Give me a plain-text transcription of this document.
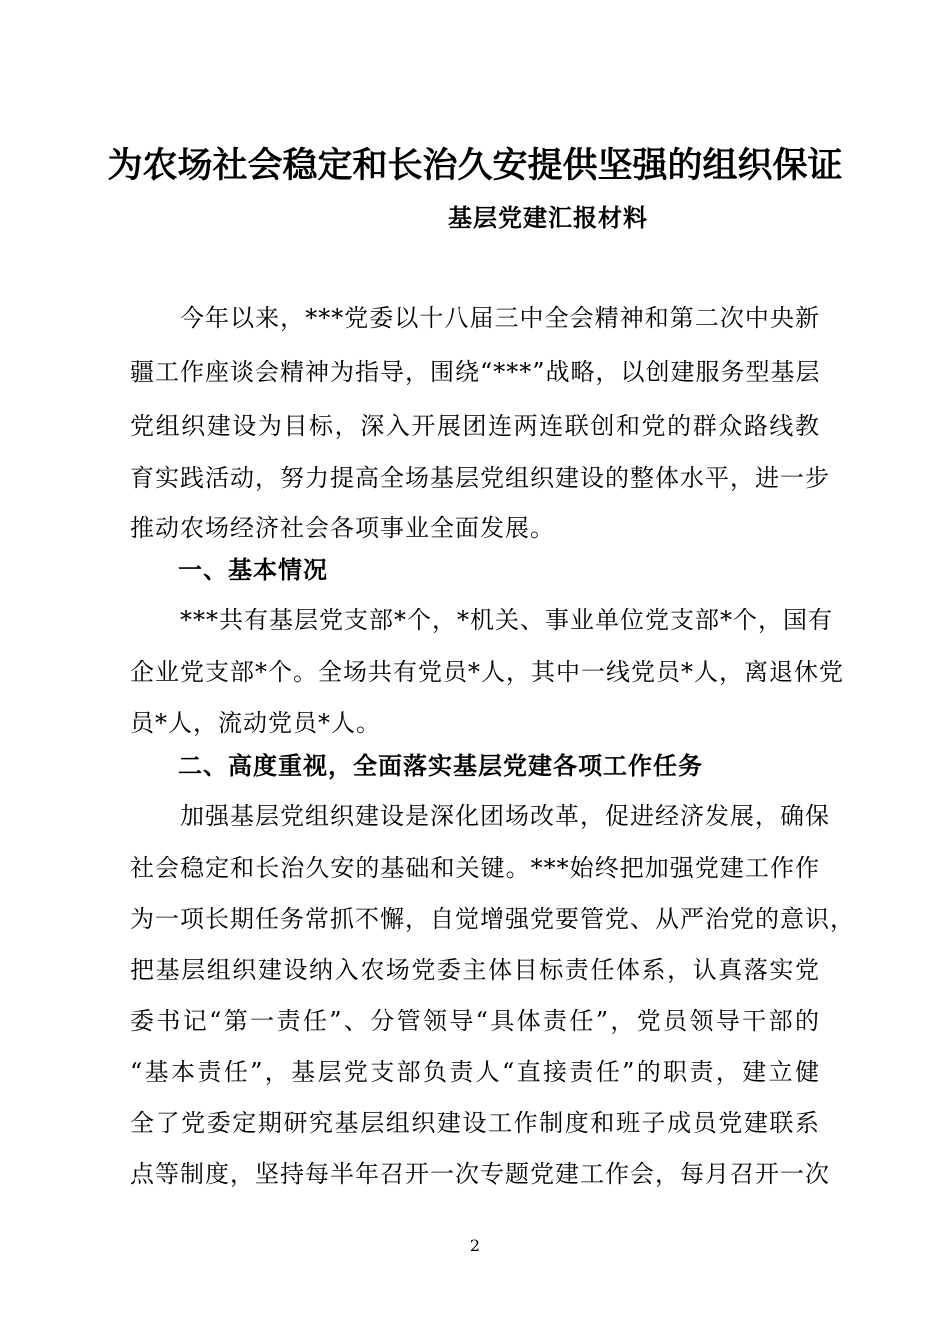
为农场社会稳定和长治久安提供坚强的组织保证
基层党建汇报材料
今年以来，***党委以十八届三中全会精神和第二次中央新
疆工作座谈会精神为指导，围绕“***”战略，以创建服务型基层
党组织建设为目标，深入开展团连两连联创和党的群众路线教
育实践活动，努力提高全场基层党组织建设的整体水平，进一步
推动农场经济社会各项事业全面发展。
一、基本情况
***共有基层党支部*个，*机关、事业单位党支部*个，国有
企业党支部*个。全场共有党员*人，其中一线党员*人，离退休党
员*人，流动党员*人。
二、高度重视，全面落实基层党建各项工作任务
加强基层党组织建设是深化团场改革，促进经济发展，确保
社会稳定和长治久安的基础和关键。***始终把加强党建工作作
为一项长期任务常抓不懈，自觉增强党要管党、从严治党的意识，
把基层组织建设纳入农场党委主体目标责任体系，认真落实党
委书记“第一责任”、分管领导“具体责任”，党员领导干部的
“基本责任”，基层党支部负责人“直接责任”的职责，建立健
全了党委定期研究基层组织建设工作制度和班子成员党建联系
点等制度，坚持每半年召开一次专题党建工作会，每月召开一次
2
